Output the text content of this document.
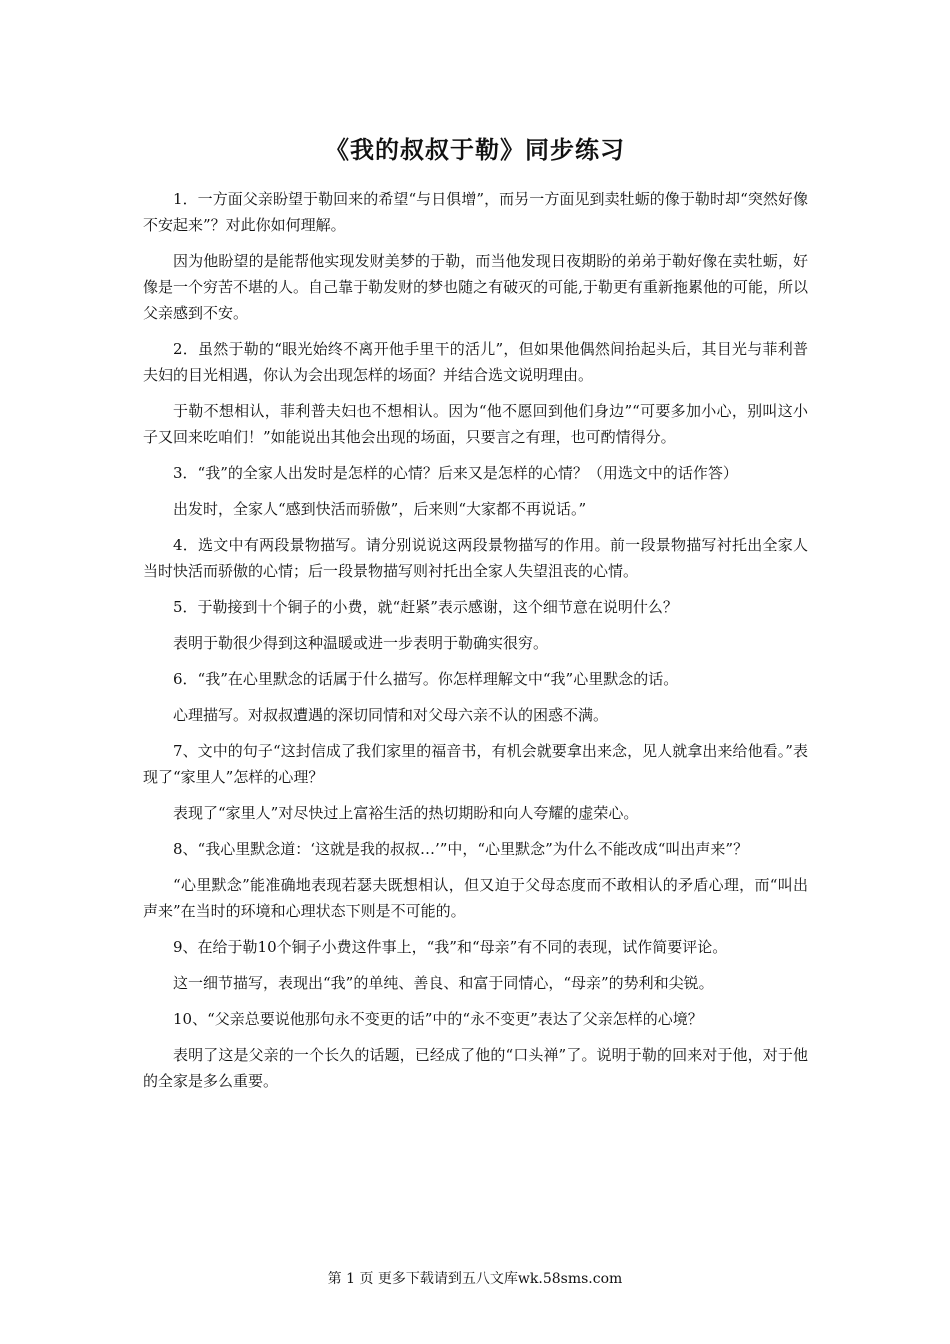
《我的叔叔于勒》同步练习

1．一方面父亲盼望于勒回来的希望“与日俱增”，而另一方面见到卖牡蛎的像于勒时却“突然好像不安起来”？对此你如何理解。

因为他盼望的是能帮他实现发财美梦的于勒，而当他发现日夜期盼的弟弟于勒好像在卖牡蛎，好像是一个穷苦不堪的人。自己靠于勒发财的梦也随之有破灭的可能,于勒更有重新拖累他的可能，所以父亲感到不安。

2．虽然于勒的“眼光始终不离开他手里干的活儿”，但如果他偶然间抬起头后，其目光与菲利普夫妇的目光相遇，你认为会出现怎样的场面？并结合选文说明理由。

于勒不想相认，菲利普夫妇也不想相认。因为“他不愿回到他们身边”“可要多加小心，别叫这小子又回来吃咱们！”如能说出其他会出现的场面，只要言之有理，也可酌情得分。

3．“我”的全家人出发时是怎样的心情？后来又是怎样的心情？（用选文中的话作答）

出发时，全家人“感到快活而骄傲”，后来则“大家都不再说话。”

4．选文中有两段景物描写。请分别说说这两段景物描写的作用。前一段景物描写衬托出全家人当时快活而骄傲的心情；后一段景物描写则衬托出全家人失望沮丧的心情。

5．于勒接到十个铜子的小费，就“赶紧”表示感谢，这个细节意在说明什么？

表明于勒很少得到这种温暖或进一步表明于勒确实很穷。

6．“我”在心里默念的话属于什么描写。你怎样理解文中“我”心里默念的话。

心理描写。对叔叔遭遇的深切同情和对父母六亲不认的困惑不满。

7、文中的句子“这封信成了我们家里的福音书，有机会就要拿出来念，见人就拿出来给他看。”表现了“家里人”怎样的心理？

表现了“家里人”对尽快过上富裕生活的热切期盼和向人夸耀的虚荣心。

8、“我心里默念道：‘这就是我的叔叔…’”中，“心里默念”为什么不能改成“叫出声来”？

“心里默念”能准确地表现若瑟夫既想相认，但又迫于父母态度而不敢相认的矛盾心理，而“叫出声来”在当时的环境和心理状态下则是不可能的。

9、在给于勒10个铜子小费这件事上，“我”和“母亲”有不同的表现，试作简要评论。

这一细节描写，表现出“我”的单纯、善良、和富于同情心，“母亲”的势利和尖锐。

10、“父亲总要说他那句永不变更的话”中的“永不变更”表达了父亲怎样的心境？

表明了这是父亲的一个长久的话题，已经成了他的“口头禅”了。说明于勒的回来对于他，对于他的全家是多么重要。

第 1 页 更多下载请到五八文库wk.58sms.com
